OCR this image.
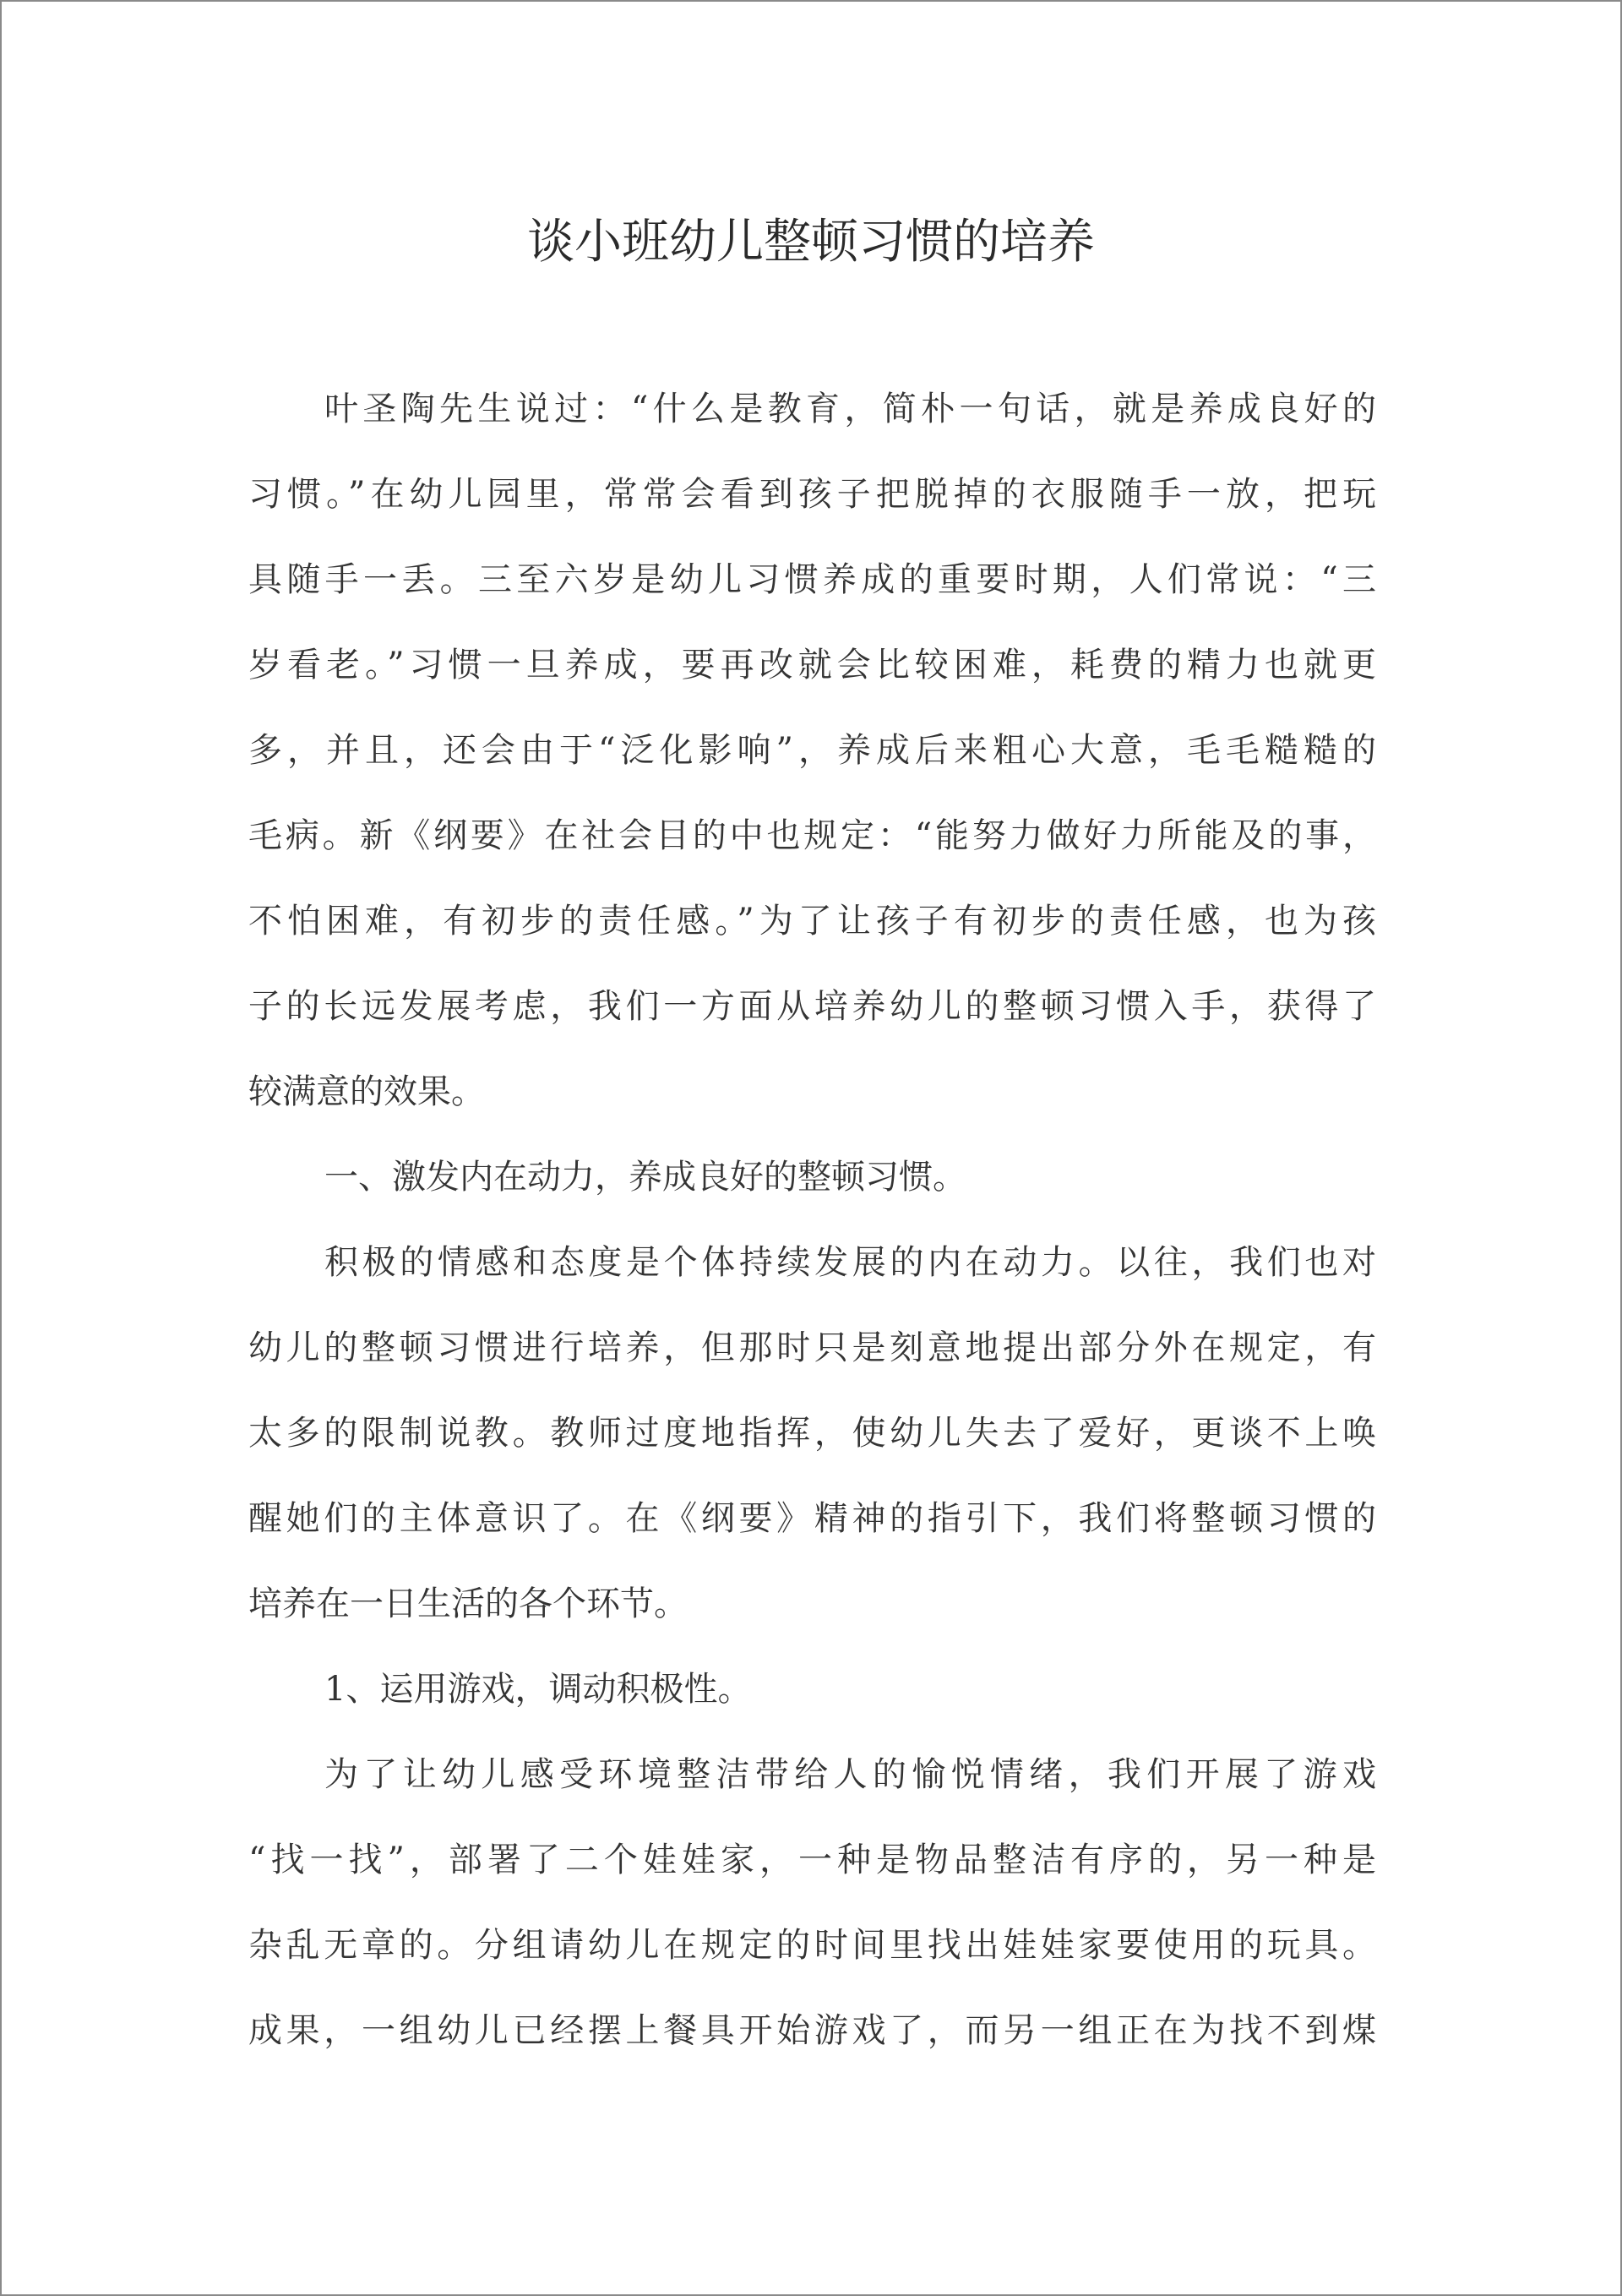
谈小班幼儿整顿习惯的培养
叶圣陶先生说过：“什么是教育，简朴一句话，就是养成良好的
习惯。”在幼儿园里，常常会看到孩子把脱掉的衣服随手一放，把玩
具随手一丢。三至六岁是幼儿习惯养成的重要时期，人们常说：“三
岁看老。”习惯一旦养成，要再改就会比较困难，耗费的精力也就更
多，并且，还会由于“泛化影响”，养成后来粗心大意，毛毛糙糙的
毛病。新《纲要》在社会目的中也规定：“能努力做好力所能及的事，
不怕困难，有初步的责任感。”为了让孩子有初步的责任感，也为孩
子的长远发展考虑，我们一方面从培养幼儿的整顿习惯入手，获得了
较满意的效果。
一、激发内在动力，养成良好的整顿习惯。
积极的情感和态度是个体持续发展的内在动力。以往，我们也对
幼儿的整顿习惯进行培养，但那时只是刻意地提出部分外在规定，有
太多的限制说教。教师过度地指挥，使幼儿失去了爱好，更谈不上唤
醒她们的主体意识了。在《纲要》精神的指引下，我们将整顿习惯的
培养在一日生活的各个环节。
1、运用游戏，调动积极性。
为了让幼儿感受环境整洁带给人的愉悦情绪，我们开展了游戏
“找一找”，部署了二个娃娃家，一种是物品整洁有序的，另一种是
杂乱无章的。分组请幼儿在规定的时间里找出娃娃家要使用的玩具。
成果，一组幼儿已经摆上餐具开始游戏了，而另一组正在为找不到煤
